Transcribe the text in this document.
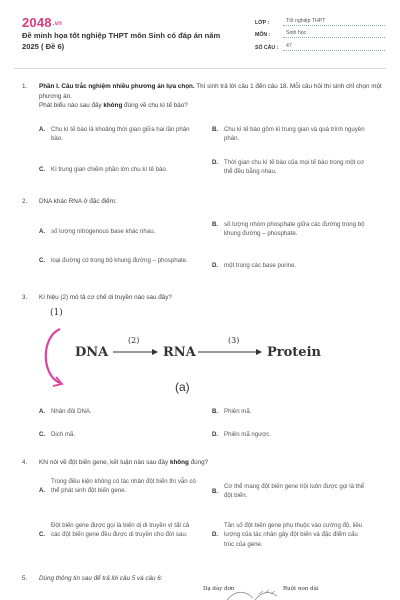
2048.vn
Đề minh họa tốt nghiệp THPT môn Sinh có đáp án năm 2025 ( Đề 6)
LỚP :	Tốt nghiệp THPT
MÔN :	Sinh học
SỐ CÂU :	47
1. Phần I. Câu trắc nghiệm nhiều phương án lựa chọn. Thí sinh trả lời câu 1 đến câu 18. Mỗi câu hỏi thí sinh chỉ chọn một phương án.
Phát biểu nào sau đây không đúng về chu kì tế bào?
A. Chu kì tế bào là khoảng thời gian giữa hai lần phân bào.
B. Chu kì tế bào gồm kì trung gian và quá trình nguyên phân.
C. Kì trung gian chiếm phần lớn chu kì tế bào.
D. Thời gian chu kì tế bào của mọi tế bào trong một cơ thể đều bằng nhau.
2. DNA khác RNA ở đặc điểm:
A. số lượng nitrogenous base khác nhau.
B. số lượng nhóm phosphate giữa các đường trong bộ khung đường – phosphate.
C. loại đường có trong bộ khung đường – phosphate.
D. một trong các base purine.
3. Kí hiệu (2) mô tả cơ chế di truyền nào sau đây?
(1)
DNA
(2)
RNA
(3)
Protein
(a)
A. Nhân đôi DNA.	B. Phiên mã.
C. Dịch mã.	D. Phiên mã ngược.
4. Khi nói về đột biến gene, kết luận nào sau đây không đúng?
A.
Trong điều kiện không có tác nhân đột biến thì vẫn có thể phát sinh đột biến gene.	B.
Cơ thể mang đột biến gene trội luôn được gọi là thể đột biến.
C.
Đột biến gene được gọi là biến dị di truyền vì tất cả các đột biến gene đều được di truyền cho đời sau.	D.
Tần số đột biến gene phụ thuộc vào cường độ, liều lượng của tác nhân gây đột biến và đặc điểm cấu trúc của gene.
5. Dùng thông tin sau để trả lời câu 5 và câu 6:
Dạ dày đơn	Ruột non dài
